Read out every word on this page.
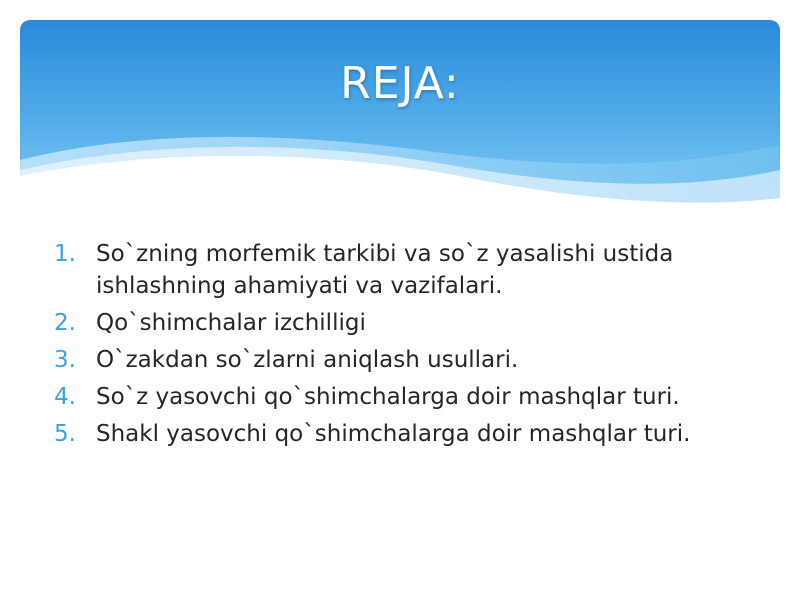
REJA:
1. So`zning morfemik tarkibi va so`z yasalishi ustida ishlashning ahamiyati va vazifalari.
2. Qo`shimchalar izchilligi
3. O`zakdan so`zlarni aniqlash usullari.
4. So`z yasovchi qo`shimchalarga doir mashqlar turi.
5. Shakl yasovchi qo`shimchalarga doir mashqlar turi.
